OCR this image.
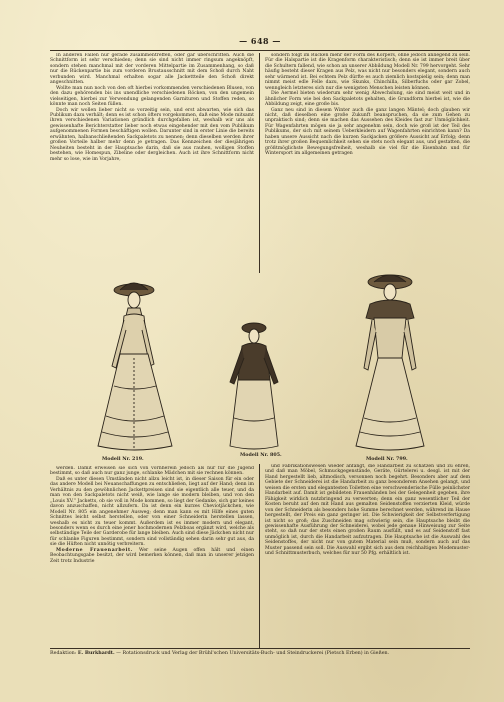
— 648 —

In anderen Fällen nur gerade zusammentreffen, oder gar überschritten. Auch die Schnittform ist sehr verschieden; denn sie sind nicht immer ringsum angeknöpft, sondern stehen manchmal mit der vorderen Mittelpartie im Zusammenhang, so daß nur die Rückenpartie bis zum vorderen Brustausschnitt mit dem Schoß durch Naht verbunden wird. Manchmal erhalten sogar alle Jackettteile den Schoß direkt angeschnitten.

Wollte man nun noch von den oft hierbei vorkommenden verschiedenen Blusen, von den dazu gehörenden bis ins unendliche verschiedenen Röcken, von den ungemein vielseitigen, hierbei zur Verwendung gelangenden Garnituren und Stoffen reden, so könnte man noch Seiten füllen.

Doch wir wollen lieber nicht so vorzeitig sein, und erst abwarten, wie sich das Publikum dazu verhält; denn es ist schon öfters vorgekommen, daß eine Mode mitsamt ihren verschiedenen Variationen gründlich durchgefallen ist, weshalb wir uns als gewissenhafte Berichterstatter lieber noch etwas eingehender mit den vom Publikum aufgenommenen Formen beschäftigen wollen. Darunter sind in erster Linie die bereits erwähnten, halbanschließenden Sackpaletots zu nennen; denn dieselben werden ihrer großen Vorteile halber mehr denn je getragen. Das Kennzeichen der diesjährigen Neuheiten besteht in der Hauptsache darin, daß sie aus rauhen, wolligen Stoffen bestehen, wie Homespun, Zibeline oder dergleichen. Auch ist ihre Schnittform nicht mehr so lose, wie im Vorjahre,

sondern folgt im Rücken mehr der Form des Körpers, ohne jedoch anliegend zu sein. Für die Halspartie ist die Kragenform charakteristisch; denn sie ist immer breit über die Schultern fallend, wie schon an unserer Abbildung Modell Nr. 799 hervorgeht. Sehr häufig besteht dieser Kragen aus Pelz, was nicht nur besonders elegant, sondern auch sehr wärmend ist. Bei echtem Pelz dürfte es auch ziemlich kostspielig sein; denn man nimmt meist edle Felle dazu, wie Skunks, Chinchilla, Silberfuchs oder gar Zobel, wenngleich letzteres sich nur die wenigsten Menschen leisten können.

Die Aermel bieten wiederum sehr wenig Abwechslung, sie sind meist weit und in ähnlicher Form wie bei den Sackpaletots gehalten, die Grundform hierbei ist, wie die Abbildung zeigt, eine große bis.

Ganz neu sind in diesem Winter auch die ganz langen Mäntel; doch glauben wir nicht, daß dieselben eine große Zukunft beanspruchen, da sie zum Gehen zu unpraktisch sind; denn sie machen das Aussehen des Kleides fast zur Unmöglichkeit. Für Wagenfahrten mögen sie ja sehr angenehm sein, doch wie groß ist der Teil des Publikums, der sich mit seinem Ueberkleidern auf Wagenfahrten einrichten kann? Da haben unsere Aussicht nach die kurzen Sackjacken größere Aussicht auf Erfolg; denn trotz ihrer großen Bequemlichkeit sehen sie stets noch elegant aus, und gestatten, die größtmöglichste Bewegungsfreiheit, weshalb sie viel für die Eisenbahn und für Wintersport im allgemeinen getragen

Modell Nr. 219.
Modell Nr. 805.
Modell Nr. 799.

werden. Damit erweisen sie sich von vornherein jedoch als nur für die Jugend bestimmt, so daß auch nur ganz junge, schlanke Mädchen mit sie rechnen können.

Daß es unter diesen Umständen nicht allzu leicht ist, in dieser Saison für ein oder das andere Modell bei Neuanschaffungen zu entschließen, liegt auf der Hand; denn im Verhältnis zu den gewöhnlichen Jackettpreisen sind sie eigentlich alle teuer, und da man von den Sackpaletots nicht weiß, wie lange sie modern bleiben, und von den „Louis XV.“ Jacketts, ob sie voll in Mode kommen, so liegt der Gedanke, sich gar keines davon anzuschaffen, nicht allzufern. Da ist denn ein kurzes Cheviotjäckchen, wie Modell Nr. 805 ein angenehmer Ausweg; denn man kann es mit Hilfe eines guten Schnittes leicht selbst herstellen, oder von einer Schneiderin herstellen lassen, weshalb es nicht zu teuer kommt. Außerdem ist es immer modern und elegant, besonders wenn es durch eine jener hochmodernen Pelzboas ergänzt wird, welche als selbständige Teile der Garderobe für lange bleiben. Auch sind diese Jäckchen nicht nur für schlanke Figuren bestimmt, sondern sind vollständig sehen darin sehr gut aus, da sie die Hüften nicht unnötig verbreitern.

Moderne Frauenarbeit. Wer seine Augen offen hält und einen Beobachtungsgabe besitzt, der wird bemerken können, daß man in unserer jetzigen Zeit trotz Industrie

und Fabrikationswesen wieder anfängt, die Handarbeit zu schätzen und zu ehren, und daß man Möbel, Schmuckgegenstände, Geräte, Gürtelerei u. desgl. ist mit der Hand hergestellt lieb, altmodisch, versonnen noch begehrt. Besonders aber auf dem Gebiete der Schneiderei ist die Handarbeit zu ganz besonderem Ansehen gelangt, und weisen die ersten und elegantesten Toiletten eine verschwenderische Fülle peinlichster Handarbeit auf. Damit ist gebildeten Frauenhänden bei der Gelegenheit gegeben, ihre Fähigkeit wirklich nutzbringend zu verwerten; denn ein ganz wesentlicher Teil der Kosten beruht auf den mit Hand aus gemalten Seidenstoffen verzierten Kleid, würde von der Schneiderin als besonders hohe Summe berechnet werden, während im Hause hergestellt, der Preis ein ganz geringer ist. Die Schwierigkeit der Selbstverfertigung ist nicht so groß; das Zuschneiden mag schwierig sein, die Hauptsache bleibt die gewissenhafte Ausführung der Schneiderei, wobei jede genaue Hinweisung zur Seite steht, so daß nur der stets einen großen Raum ausfüllt, und es auf Seidenstoff fast unmöglich ist, durch die Handarbeit aufzutragen. Die Hauptsache ist die Auswahl des Seidenstoffes, der nicht nur von gutem Material sein muß, sondern auch auf das Muster passend sein soll. Die Auswahl ergibt sich aus dem reichhaltigen Modemuster- und Schnittmusterbuch, welches für nur 50 Pfg. erhältlich ist.

Redaktion: E. Burkhardt. — Rotationsdruck und Verlag der Brühl'schen Universitäts-Buch- und Steindruckerei (Pietsch Erben) in Gießen.
